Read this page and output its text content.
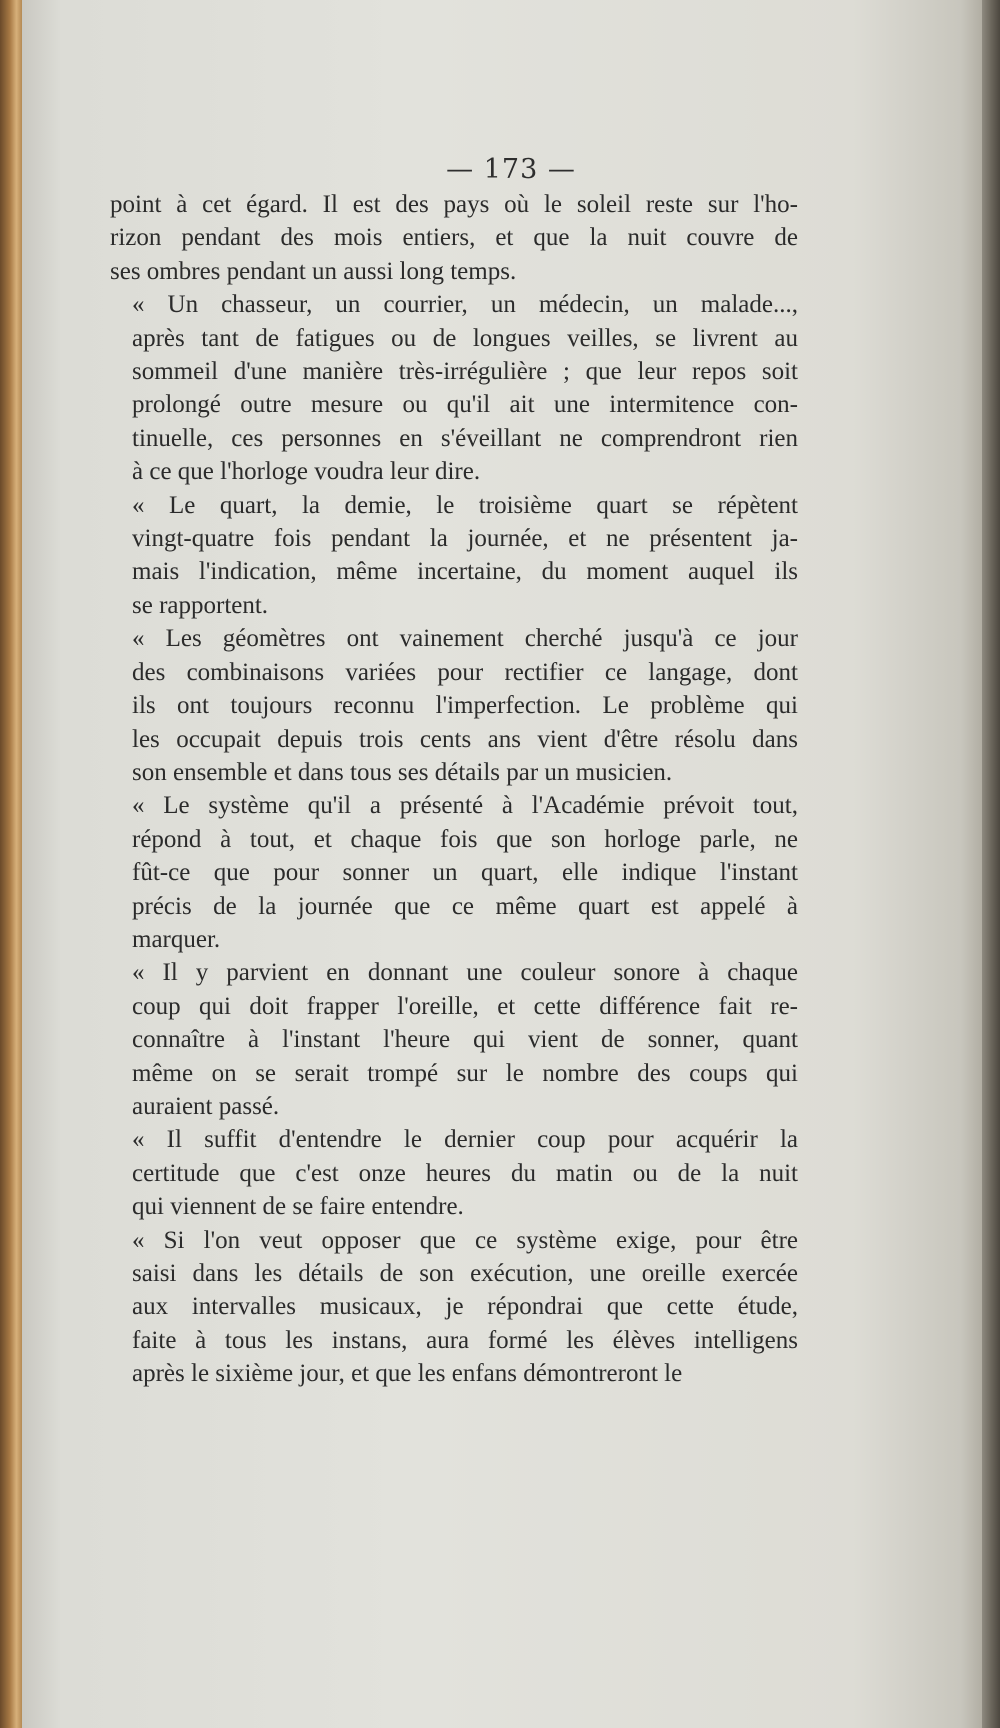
— 173 —
point à cet égard. Il est des pays où le soleil reste sur l'ho-
rizon pendant des mois entiers, et que la nuit couvre de
ses ombres pendant un aussi long temps.
« Un chasseur, un courrier, un médecin, un malade...,
après tant de fatigues ou de longues veilles, se livrent au
sommeil d'une manière très-irrégulière ; que leur repos soit
prolongé outre mesure ou qu'il ait une intermitence con-
tinuelle, ces personnes en s'éveillant ne comprendront rien
à ce que l'horloge voudra leur dire.
« Le quart, la demie, le troisième quart se répètent
vingt-quatre fois pendant la journée, et ne présentent ja-
mais l'indication, même incertaine, du moment auquel ils
se rapportent.
« Les géomètres ont vainement cherché jusqu'à ce jour
des combinaisons variées pour rectifier ce langage, dont
ils ont toujours reconnu l'imperfection. Le problème qui
les occupait depuis trois cents ans vient d'être résolu dans
son ensemble et dans tous ses détails par un musicien.
« Le système qu'il a présenté à l'Académie prévoit tout,
répond à tout, et chaque fois que son horloge parle, ne
fût-ce que pour sonner un quart, elle indique l'instant
précis de la journée que ce même quart est appelé à
marquer.
« Il y parvient en donnant une couleur sonore à chaque
coup qui doit frapper l'oreille, et cette différence fait re-
connaître à l'instant l'heure qui vient de sonner, quant
même on se serait trompé sur le nombre des coups qui
auraient passé.
« Il suffit d'entendre le dernier coup pour acquérir la
certitude que c'est onze heures du matin ou de la nuit
qui viennent de se faire entendre.
« Si l'on veut opposer que ce système exige, pour être
saisi dans les détails de son exécution, une oreille exercée
aux intervalles musicaux, je répondrai que cette étude,
faite à tous les instans, aura formé les élèves intelligens
après le sixième jour, et que les enfans démontreront le
